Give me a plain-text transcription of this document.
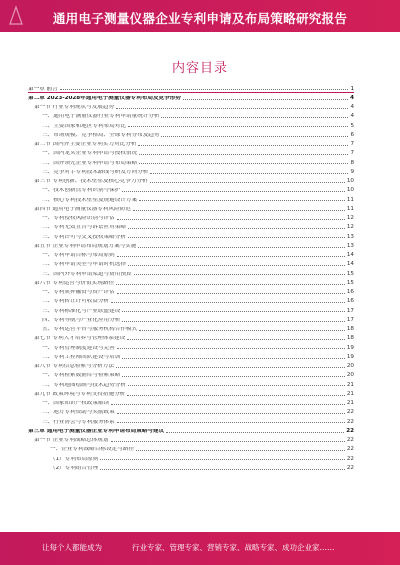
通用电子测量仪器企业专利申请及布局策略研究报告
内容目录
第一章 前言	1
第二章 2023-2028年通用电子测量仪器专利布局及竞争形势	4
第一节 行业专利现状与发展趋势	4
一、通用电子测量仪器行业专利申请量统计分析	4
二、主要国家和地区专利布局对比	5
三、市场规模、竞争格局、全球专利分布及趋势	6
第二节 国内外主要企业专利实力对比分析	7
一、国内龙头企业专利申请与授权情况	7
二、国外领先企业专利申请与布局策略	8
三、竞争对手专利技术路线与研发方向分析	9
第三节 专利创新、技术壁垒及核心竞争力分析	10
一、技术创新点专利识别与保护	10
二、核心专利技术壁垒及规避设计方案	11
第四节 通用电子测量仪器专利风险防范	11
一、专利侵权风险识别与评估	12
二、专利无效宣告与诉讼应对策略	12
三、专利许可与交叉授权策略分析	13
第五节 企业专利申请布局规划方案与实施	13
一、专利申请目标与布局原则	14
二、专利申请类型与申请时机选择	14
三、国内外专利申请渠道与费用预算	15
第六节 专利运营与价值实现路径	15
一、专利质押融资与资产评估	16
二、专利转让许可收益分析	16
三、专利标准化与产业联盟建设	17
四、专利导航与产业化应用分析	17
五、专利运营平台与服务机构合作模式	18
第七节 专利人才培养与管理体系建设	18
一、专利管理制度建设与完善	19
二、专利工程师团队建设与培训	19
第八节 专利信息检索与分析方法	20
一、专利检索数据库与检索策略	20
二、专利地图绘制与技术趋势分析	21
第九节 政策环境与专利支持措施分析	21
一、国家知识产权政策解读	21
二、地方专利资助与奖励政策	22
三、行业协会与专利服务体系	22
第三章 通用电子测量仪器企业专利申请布局策略与建议	22
第一节 企业专利战略总体规划	22
一、企业专利战略目标设定与路径	22
（1）专利布局原则	22
（2）专利组合管理	22
让每个人都能成为	行业专家、管理专家、营销专家、战略专家、成功企业家……
